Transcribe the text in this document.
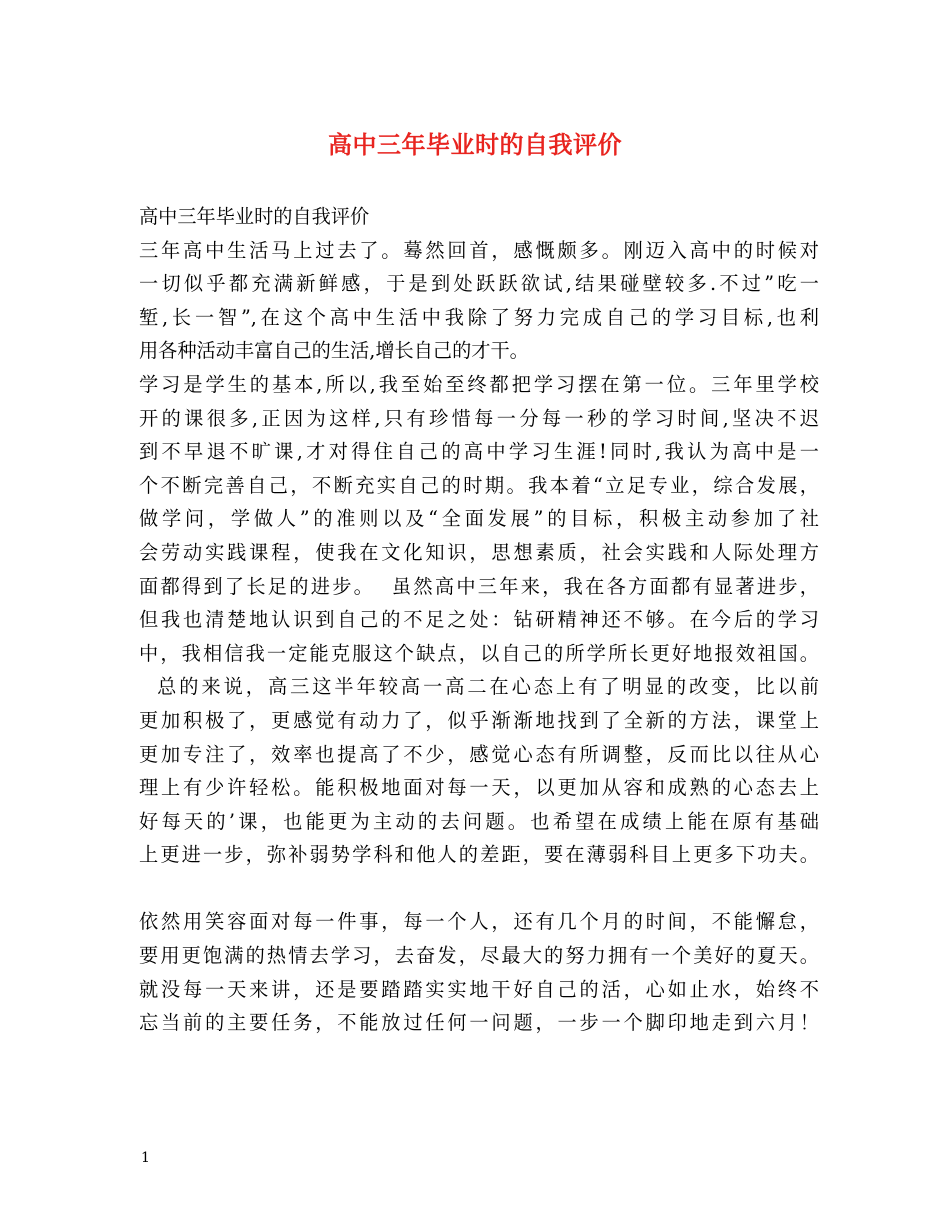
高中三年毕业时的自我评价
高中三年毕业时的自我评价
三年高中生活马上过去了。蓦然回首，感慨颇多。刚迈入高中的时候对
一切似乎都充满新鲜感，于是到处跃跃欲试,结果碰壁较多.不过”吃一
堑,长一智”,在这个高中生活中我除了努力完成自己的学习目标,也利
用各种活动丰富自己的生活,增长自己的才干。
学习是学生的基本,所以,我至始至终都把学习摆在第一位。三年里学校
开的课很多,正因为这样,只有珍惜每一分每一秒的学习时间,坚决不迟
到不早退不旷课,才对得住自己的高中学习生涯!同时,我认为高中是一
个不断完善自己，不断充实自己的时期。我本着“立足专业，综合发展，
做学问，学做人”的准则以及“全面发展”的目标，积极主动参加了社
会劳动实践课程，使我在文化知识，思想素质，社会实践和人际处理方
面都得到了长足的进步。  虽然高中三年来，我在各方面都有显著进步，
但我也清楚地认识到自己的不足之处：钻研精神还不够。在今后的学习
中，我相信我一定能克服这个缺点，以自己的所学所长更好地报效祖国。
总的来说，高三这半年较高一高二在心态上有了明显的改变，比以前
更加积极了，更感觉有动力了，似乎渐渐地找到了全新的方法，课堂上
更加专注了，效率也提高了不少，感觉心态有所调整，反而比以往从心
理上有少许轻松。能积极地面对每一天，以更加从容和成熟的心态去上
好每天的’课，也能更为主动的去问题。也希望在成绩上能在原有基础
上更进一步，弥补弱势学科和他人的差距，要在薄弱科目上更多下功夫。
依然用笑容面对每一件事，每一个人，还有几个月的时间，不能懈怠，
要用更饱满的热情去学习，去奋发，尽最大的努力拥有一个美好的夏天。
就没每一天来讲，还是要踏踏实实地干好自己的活，心如止水，始终不
忘当前的主要任务，不能放过任何一问题，一步一个脚印地走到六月！
1
